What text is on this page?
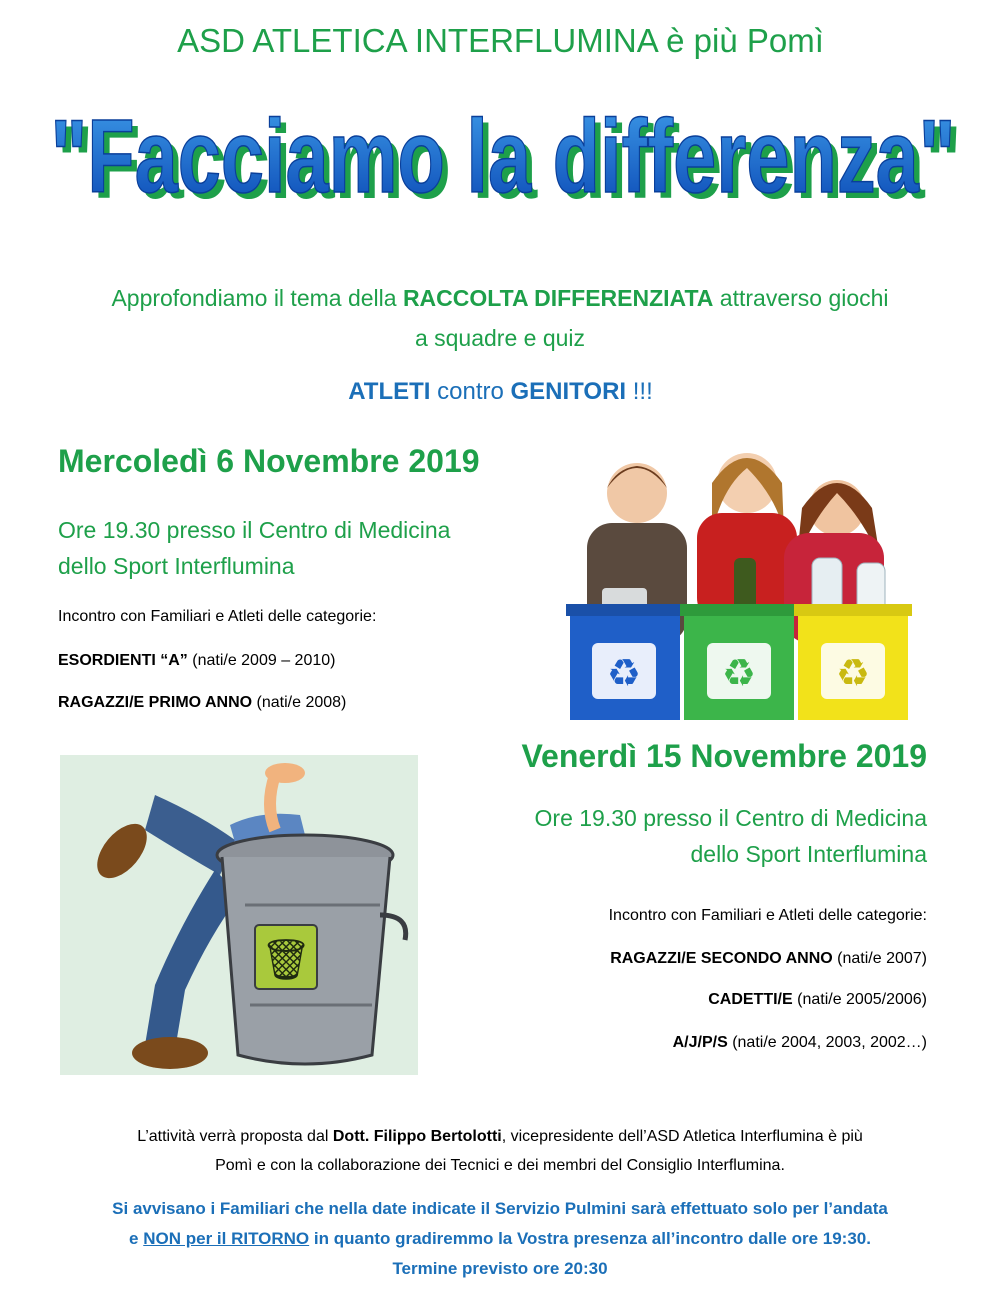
ASD ATLETICA INTERFLUMINA è più Pomì
"Facciamo la differenza"
"Facciamo la differenza"
Approfondiamo il tema della RACCOLTA DIFFERENZIATA attraverso giochi
a squadre e quiz
ATLETI contro GENITORI !!!
Mercoledì 6 Novembre 2019
Ore 19.30 presso il Centro di Medicina
dello Sport Interflumina
Incontro con Familiari e Atleti delle categorie:
ESORDIENTI “A” (nati/e 2009 – 2010)
RAGAZZI/E PRIMO ANNO (nati/e 2008)
♻ ♻ ♻
Venerdì 15 Novembre 2019
Ore 19.30 presso il Centro di Medicina
dello Sport Interflumina
Incontro con Familiari e Atleti delle categorie:
RAGAZZI/E SECONDO ANNO (nati/e 2007)
CADETTI/E (nati/e 2005/2006)
A/J/P/S (nati/e 2004, 2003, 2002…)
🗑
L’attività verrà proposta dal Dott. Filippo Bertolotti, vicepresidente dell’ASD Atletica Interflumina è più
Pomì e con la collaborazione dei Tecnici e dei membri del Consiglio Interflumina.
Si avvisano i Familiari che nella date indicate il Servizio Pulmini sarà effettuato solo per l’andata
e NON per il RITORNO in quanto gradiremmo la Vostra presenza all’incontro dalle ore 19:30.
Termine previsto ore 20:30
